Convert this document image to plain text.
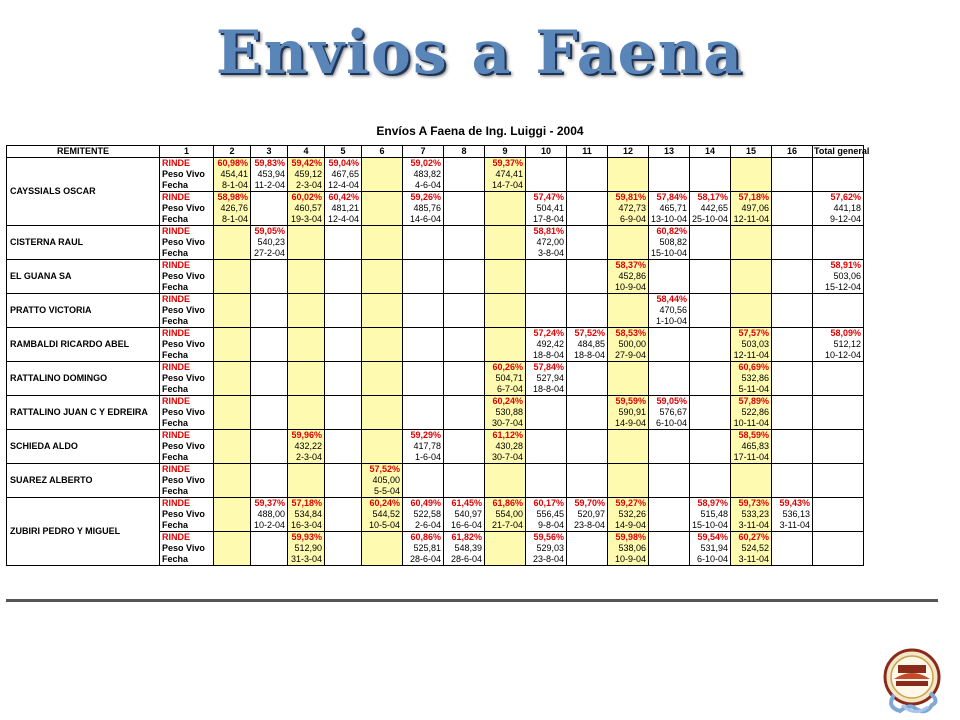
Envios a Faena
Envíos A Faena de Ing. Luiggi - 2004
REMITENTE	1	2	3	4	5	6	7	8	9	10	11	12	13	14	15	16	Total general	
CAYSSIALS OSCAR	RINDE	60,98%	59,83%	59,42%	59,04%		59,02%		59,37%									
	Peso Vivo	454,41	453,94	459,12	467,65		483,82		474,41									
	Fecha	8-1-04	11-2-04	2-3-04	12-4-04		4-6-04		14-7-04									
	RINDE	58,98%		60,02%	60,42%		59,26%			57,47%		59,81%	57,84%	58,17%	57,18%		57,62%	
	Peso Vivo	426,76		460,57	481,21		485,76			504,41		472,73	465,71	442,65	497,06		441,18	
	Fecha	8-1-04		19-3-04	12-4-04		14-6-04			17-8-04		6-9-04	13-10-04	25-10-04	12-11-04		9-12-04	
CISTERNA RAUL	RINDE		59,05%							58,81%			60,82%					
	Peso Vivo		540,23							472,00			508,82					
	Fecha		27-2-04							3-8-04			15-10-04					
EL GUANA SA	RINDE											58,37%					58,91%	
	Peso Vivo											452,86					503,06	
	Fecha											10-9-04					15-12-04	
PRATTO VICTORIA	RINDE												58,44%					
	Peso Vivo												470,56					
	Fecha												1-10-04					
RAMBALDI RICARDO ABEL	RINDE									57,24%	57,52%	58,53%			57,57%		58,09%	
	Peso Vivo									492,42	484,85	500,00			503,03		512,12	
	Fecha									18-8-04	18-8-04	27-9-04			12-11-04		10-12-04	
RATTALINO DOMINGO	RINDE								60,26%	57,84%					60,69%			
	Peso Vivo								504,71	527,94					532,86			
	Fecha								6-7-04	18-8-04					5-11-04			
RATTALINO JUAN C Y EDREIRA	RINDE								60,24%			59,59%	59,05%		57,89%			
	Peso Vivo								530,88			590,91	576,67		522,86			
	Fecha								30-7-04			14-9-04	6-10-04		10-11-04			
SCHIEDA ALDO	RINDE			59,96%			59,29%		61,12%						58,59%			
	Peso Vivo			432,22			417,78		430,28						465,83			
	Fecha			2-3-04			1-6-04		30-7-04						17-11-04			
SUAREZ ALBERTO	RINDE					57,52%												
	Peso Vivo					405,00												
	Fecha					5-5-04												
ZUBIRI PEDRO Y MIGUEL	RINDE		59,37%	57,18%		60,24%	60,49%	61,45%	61,86%	60,17%	59,70%	59,27%		58,97%	59,73%	59,43%		
	Peso Vivo		488,00	534,84		544,52	522,58	540,97	554,00	556,45	520,97	532,26		515,48	533,23	536,13		
	Fecha		10-2-04	16-3-04		10-5-04	2-6-04	16-6-04	21-7-04	9-8-04	23-8-04	14-9-04		15-10-04	3-11-04	3-11-04		
	RINDE			59,93%			60,86%	61,82%		59,56%		59,98%		59,54%	60,27%			
	Peso Vivo			512,90			525,81	548,39		529,03		538,06		531,94	524,52			
	Fecha			31-3-04			28-6-04	28-6-04		23-8-04		10-9-04		6-10-04	3-11-04			
